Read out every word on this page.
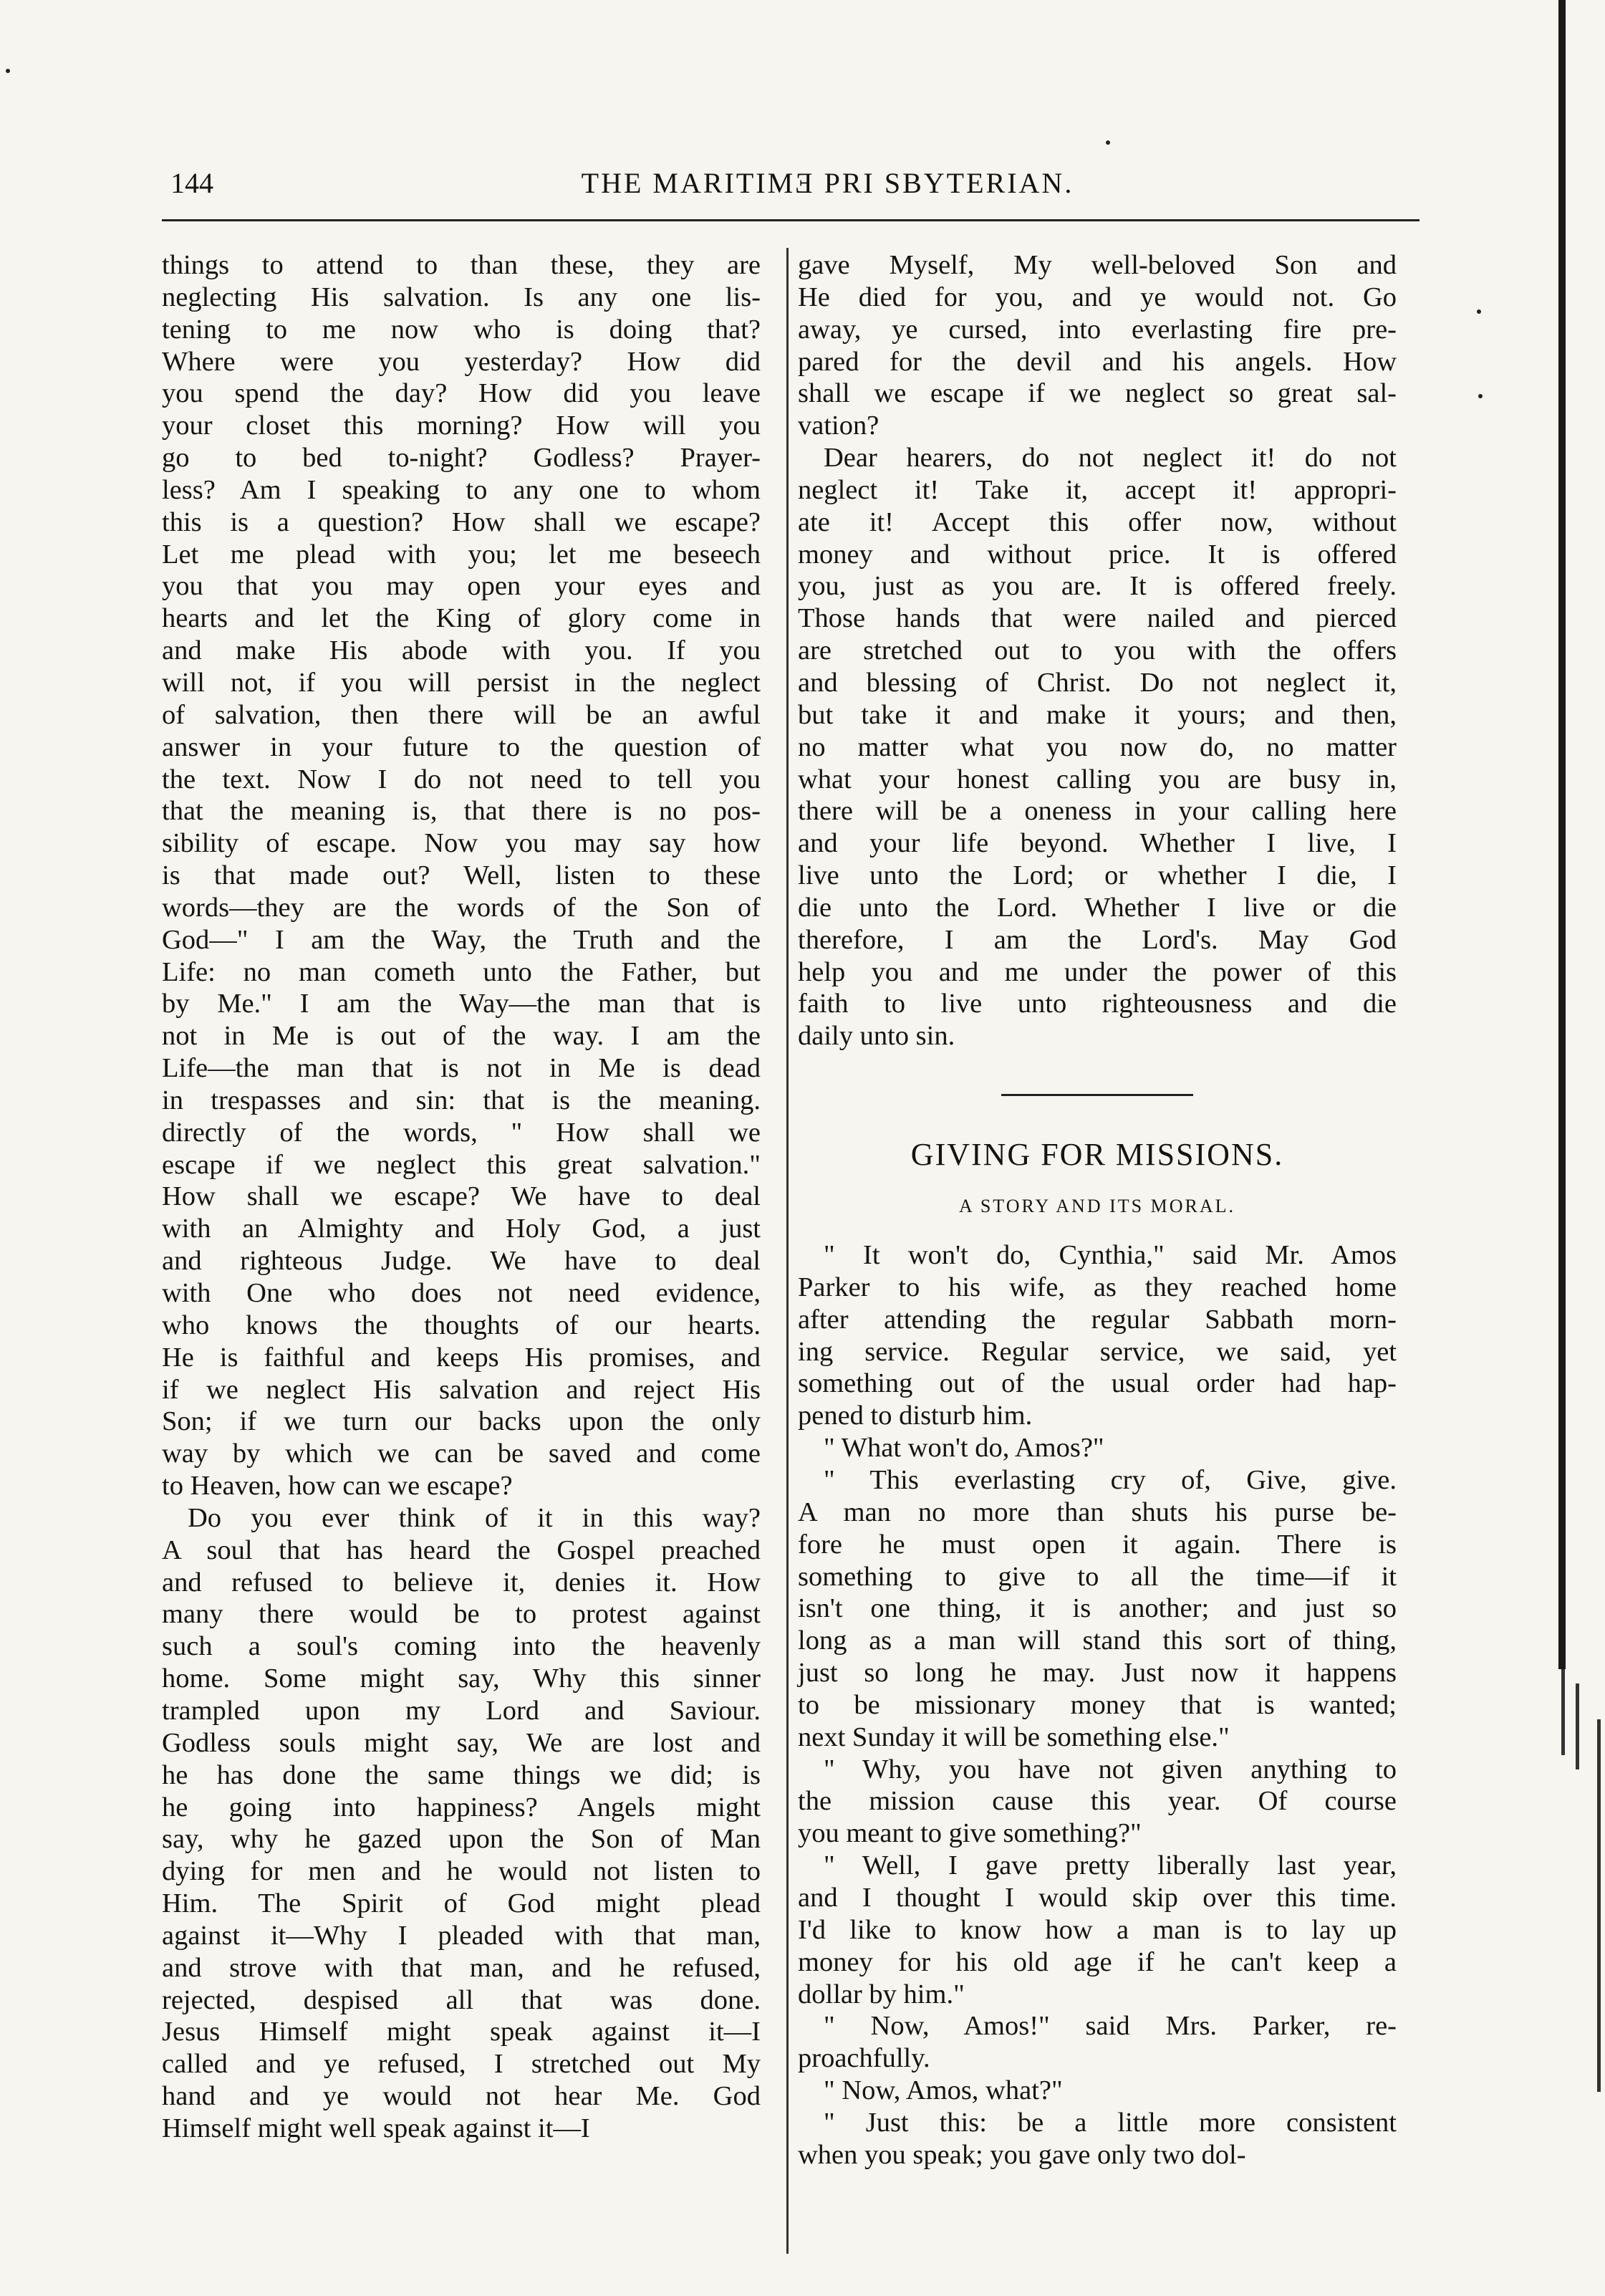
144	THE MARITIMƎ PRI SBYTERIAN.
things to attend to than these, they are
neglecting His salvation. Is any one lis-
tening to me now who is doing that?
Where were you yesterday? How did
you spend the day? How did you leave
your closet this morning? How will you
go to bed to-night? Godless? Prayer-
less? Am I speaking to any one to whom
this is a question? How shall we escape?
Let me plead with you; let me beseech
you that you may open your eyes and
hearts and let the King of glory come in
and make His abode with you. If you
will not, if you will persist in the neglect
of salvation, then there will be an awful
answer in your future to the question of
the text. Now I do not need to tell you
that the meaning is, that there is no pos-
sibility of escape. Now you may say how
is that made out? Well, listen to these
words—they are the words of the Son of
God—" I am the Way, the Truth and the
Life: no man cometh unto the Father, but
by Me." I am the Way—the man that is
not in Me is out of the way. I am the
Life—the man that is not in Me is dead
in trespasses and sin: that is the meaning.
directly of the words, " How shall we
escape if we neglect this great salvation."
How shall we escape? We have to deal
with an Almighty and Holy God, a just
and righteous Judge. We have to deal
with One who does not need evidence,
who knows the thoughts of our hearts.
He is faithful and keeps His promises, and
if we neglect His salvation and reject His
Son; if we turn our backs upon the only
way by which we can be saved and come
to Heaven, how can we escape?
Do you ever think of it in this way?
A soul that has heard the Gospel preached
and refused to believe it, denies it. How
many there would be to protest against
such a soul's coming into the heavenly
home. Some might say, Why this sinner
trampled upon my Lord and Saviour.
Godless souls might say, We are lost and
he has done the same things we did; is
he going into happiness? Angels might
say, why he gazed upon the Son of Man
dying for men and he would not listen to
Him. The Spirit of God might plead
against it—Why I pleaded with that man,
and strove with that man, and he refused,
rejected, despised all that was done.
Jesus Himself might speak against it—I
called and ye refused, I stretched out My
hand and ye would not hear Me. God
Himself might well speak against it—I
gave Myself, My well-beloved Son and
He died for you, and ye would not. Go
away, ye cursed, into everlasting fire pre-
pared for the devil and his angels. How
shall we escape if we neglect so great sal-
vation?
Dear hearers, do not neglect it! do not
neglect it! Take it, accept it! appropri-
ate it! Accept this offer now, without
money and without price. It is offered
you, just as you are. It is offered freely.
Those hands that were nailed and pierced
are stretched out to you with the offers
and blessing of Christ. Do not neglect it,
but take it and make it yours; and then,
no matter what you now do, no matter
what your honest calling you are busy in,
there will be a oneness in your calling here
and your life beyond. Whether I live, I
live unto the Lord; or whether I die, I
die unto the Lord. Whether I live or die
therefore, I am the Lord's. May God
help you and me under the power of this
faith to live unto righteousness and die
daily unto sin.
GIVING FOR MISSIONS.
A STORY AND ITS MORAL.
" It won't do, Cynthia," said Mr. Amos
Parker to his wife, as they reached home
after attending the regular Sabbath morn-
ing service. Regular service, we said, yet
something out of the usual order had hap-
pened to disturb him.
" What won't do, Amos?"
" This everlasting cry of, Give, give.
A man no more than shuts his purse be-
fore he must open it again. There is
something to give to all the time—if it
isn't one thing, it is another; and just so
long as a man will stand this sort of thing,
just so long he may. Just now it happens
to be missionary money that is wanted;
next Sunday it will be something else."
" Why, you have not given anything to
the mission cause this year. Of course
you meant to give something?"
" Well, I gave pretty liberally last year,
and I thought I would skip over this time.
I'd like to know how a man is to lay up
money for his old age if he can't keep a
dollar by him."
" Now, Amos!" said Mrs. Parker, re-
proachfully.
" Now, Amos, what?"
" Just this: be a little more consistent
when you speak; you gave only two dol-
